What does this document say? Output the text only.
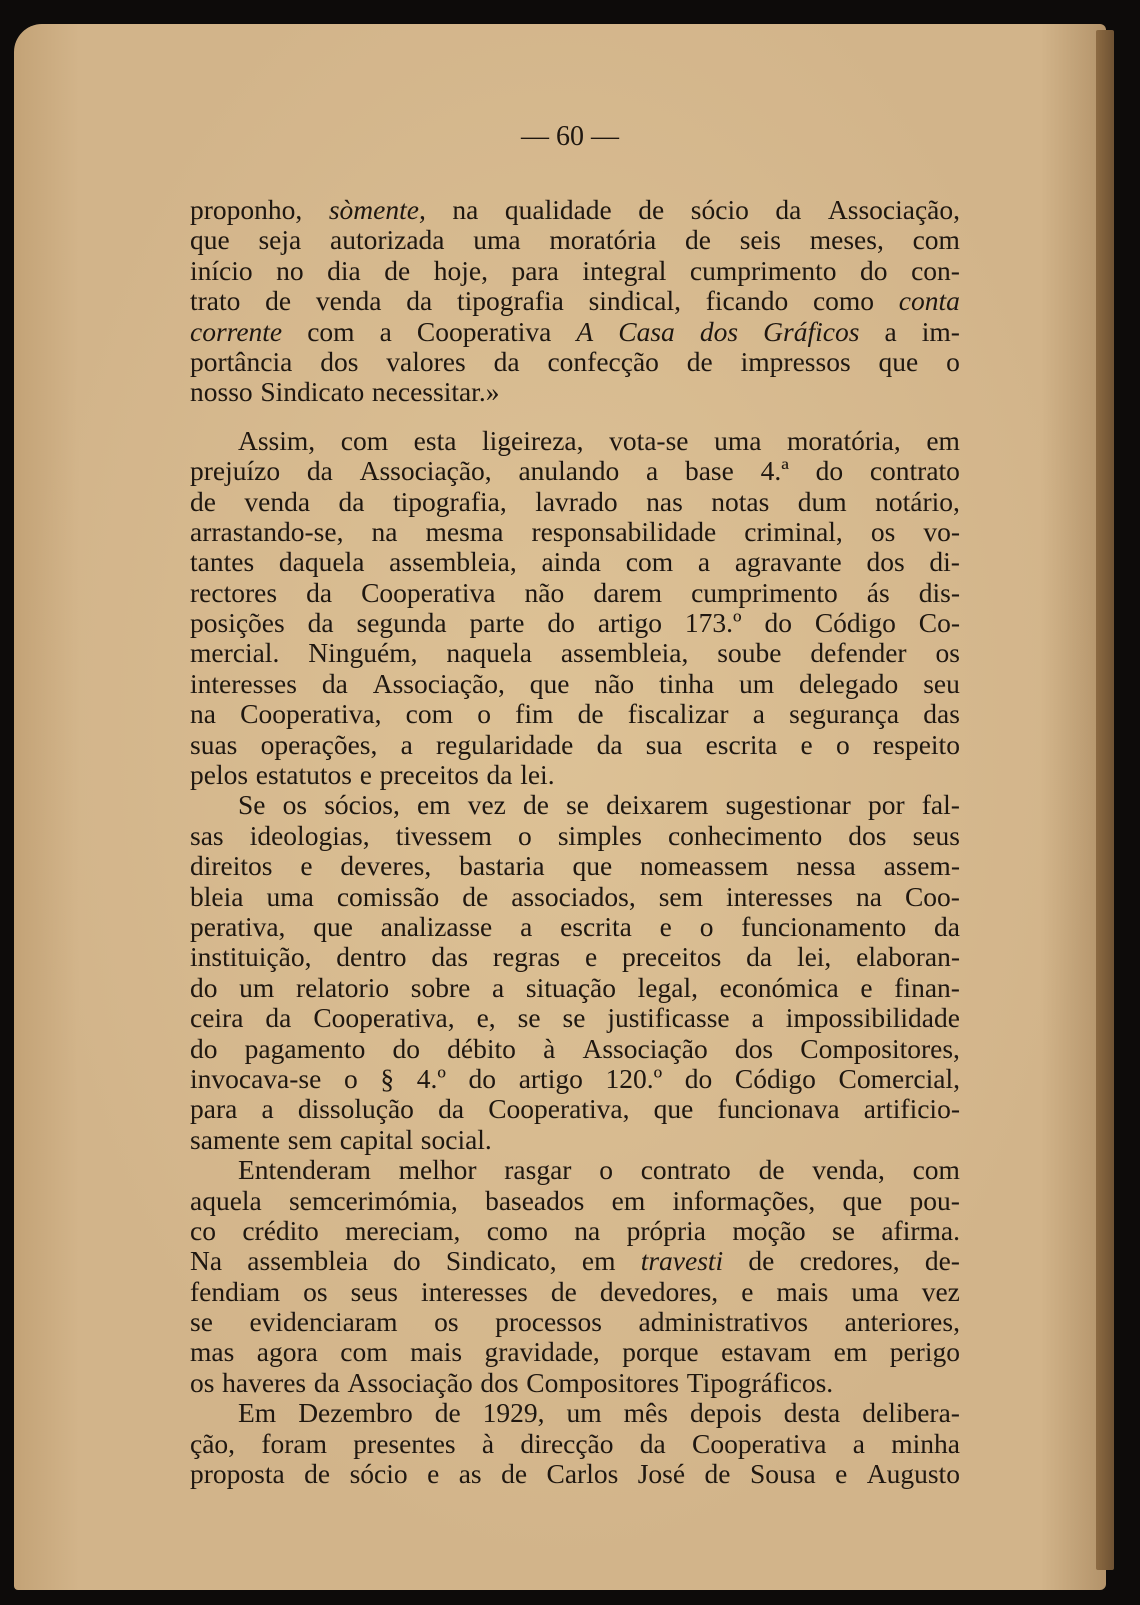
— 60 —
proponho, sòmente, na qualidade de sócio da Associação,
que seja autorizada uma moratória de seis meses, com
início no dia de hoje, para integral cumprimento do con-
trato de venda da tipografia sindical, ficando como conta
corrente com a Cooperativa A Casa dos Gráficos a im-
portância dos valores da confecção de impressos que o
nosso Sindicato necessitar.»
Assim, com esta ligeireza, vota-se uma moratória, em
prejuízo da Associação, anulando a base 4.ª do contrato
de venda da tipografia, lavrado nas notas dum notário,
arrastando-se, na mesma responsabilidade criminal, os vo-
tantes daquela assembleia, ainda com a agravante dos di-
rectores da Cooperativa não darem cumprimento ás dis-
posições da segunda parte do artigo 173.º do Código Co-
mercial. Ninguém, naquela assembleia, soube defender os
interesses da Associação, que não tinha um delegado seu
na Cooperativa, com o fim de fiscalizar a segurança das
suas operações, a regularidade da sua escrita e o respeito
pelos estatutos e preceitos da lei.
Se os sócios, em vez de se deixarem sugestionar por fal-
sas ideologias, tivessem o simples conhecimento dos seus
direitos e deveres, bastaria que nomeassem nessa assem-
bleia uma comissão de associados, sem interesses na Coo-
perativa, que analizasse a escrita e o funcionamento da
instituição, dentro das regras e preceitos da lei, elaboran-
do um relatorio sobre a situação legal, económica e finan-
ceira da Cooperativa, e, se se justificasse a impossibilidade
do pagamento do débito à Associação dos Compositores,
invocava-se o § 4.º do artigo 120.º do Código Comercial,
para a dissolução da Cooperativa, que funcionava artificio-
samente sem capital social.
Entenderam melhor rasgar o contrato de venda, com
aquela semcerimómia, baseados em informações, que pou-
co crédito mereciam, como na própria moção se afirma.
Na assembleia do Sindicato, em travesti de credores, de-
fendiam os seus interesses de devedores, e mais uma vez
se evidenciaram os processos administrativos anteriores,
mas agora com mais gravidade, porque estavam em perigo
os haveres da Associação dos Compositores Tipográficos.
Em Dezembro de 1929, um mês depois desta delibera-
ção, foram presentes à direcção da Cooperativa a minha
proposta de sócio e as de Carlos José de Sousa e Augusto
